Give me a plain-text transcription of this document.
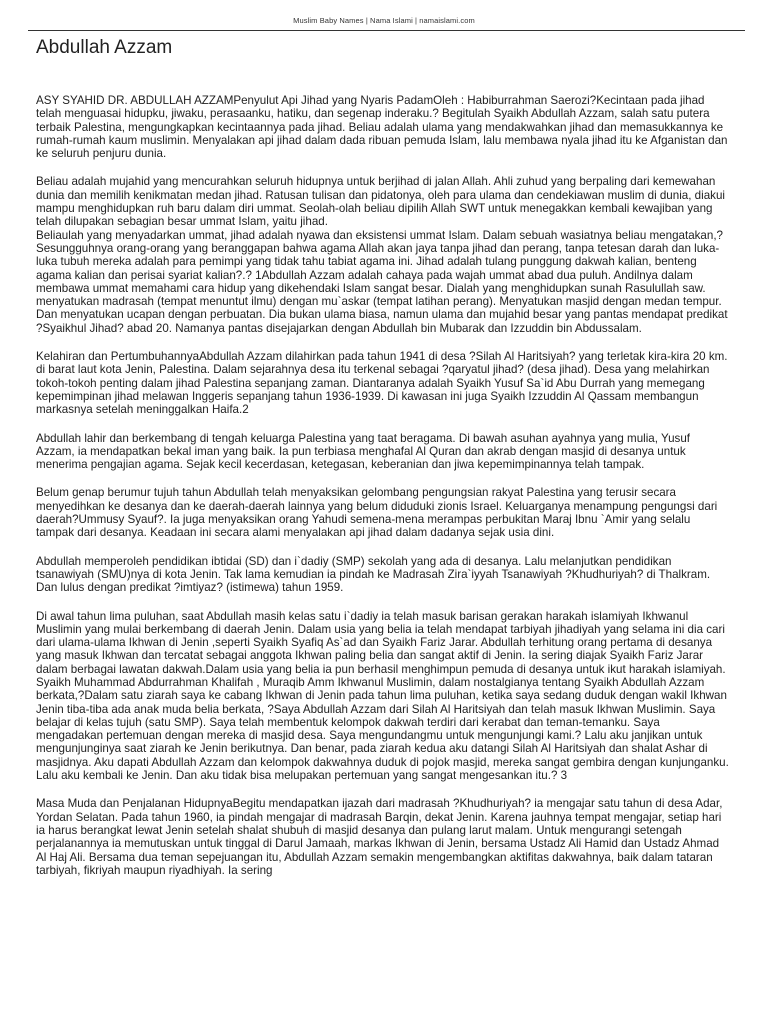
Muslim Baby Names | Nama Islami | namaislami.com
Abdullah Azzam

ASY SYAHID DR. ABDULLAH AZZAMPenyulut Api Jihad yang Nyaris PadamOleh : Habiburrahman Saerozi?Kecintaan pada jihad telah menguasai hidupku, jiwaku, perasaanku, hatiku, dan segenap inderaku.? Begitulah Syaikh Abdullah Azzam, salah satu putera terbaik Palestina, mengungkapkan kecintaannya pada jihad. Beliau adalah ulama yang mendakwahkan jihad dan memasukkannya ke rumah-rumah kaum muslimin. Menyalakan api jihad dalam dada ribuan pemuda Islam, lalu membawa nyala jihad itu ke Afganistan dan ke seluruh penjuru dunia.

Beliau adalah mujahid yang mencurahkan seluruh hidupnya untuk berjihad di jalan Allah. Ahli zuhud yang berpaling dari kemewahan dunia dan memilih kenikmatan medan jihad. Ratusan tulisan dan pidatonya, oleh para ulama dan cendekiawan muslim di dunia, diakui mampu menghidupkan ruh baru dalam diri ummat. Seolah-olah beliau dipilih Allah SWT untuk menegakkan kembali kewajiban yang telah dilupakan sebagian besar ummat Islam, yaitu jihad.
Beliaulah yang menyadarkan ummat, jihad adalah nyawa dan eksistensi ummat Islam. Dalam sebuah wasiatnya beliau mengatakan,?Sesungguhnya orang-orang yang beranggapan bahwa agama Allah akan jaya tanpa jihad dan perang, tanpa tetesan darah dan luka-luka tubuh mereka adalah para pemimpi yang tidak tahu tabiat agama ini. Jihad adalah tulang punggung dakwah kalian, benteng agama kalian dan perisai syariat kalian?.? 1Abdullah Azzam adalah cahaya pada wajah ummat abad dua puluh. Andilnya dalam membawa ummat memahami cara hidup yang dikehendaki Islam sangat besar. Dialah yang menghidupkan sunah Rasulullah saw. menyatukan madrasah (tempat menuntut ilmu) dengan mu`askar (tempat latihan perang). Menyatukan masjid dengan medan tempur. Dan menyatukan ucapan dengan perbuatan. Dia bukan ulama biasa, namun ulama dan mujahid besar yang pantas mendapat predikat ?Syaikhul Jihad? abad 20. Namanya pantas disejajarkan dengan Abdullah bin Mubarak dan Izzuddin bin Abdussalam.

Kelahiran dan PertumbuhannyaAbdullah Azzam dilahirkan pada tahun 1941 di desa ?Silah Al Haritsiyah? yang terletak kira-kira 20 km. di barat laut kota Jenin, Palestina. Dalam sejarahnya desa itu terkenal sebagai ?qaryatul jihad? (desa jihad). Desa yang melahirkan tokoh-tokoh penting dalam jihad Palestina sepanjang zaman. Diantaranya adalah Syaikh Yusuf Sa`id Abu Durrah yang memegang kepemimpinan jihad melawan Inggeris sepanjang tahun 1936-1939. Di kawasan ini juga Syaikh Izzuddin Al Qassam membangun markasnya setelah meninggalkan Haifa.2

Abdullah lahir dan berkembang di tengah keluarga Palestina yang taat beragama. Di bawah asuhan ayahnya yang mulia, Yusuf Azzam, ia mendapatkan bekal iman yang baik. Ia pun terbiasa menghafal Al Quran dan akrab dengan masjid di desanya untuk menerima pengajian agama. Sejak kecil kecerdasan, ketegasan, keberanian dan jiwa kepemimpinannya telah tampak.

Belum genap berumur tujuh tahun Abdullah telah menyaksikan gelombang pengungsian rakyat Palestina yang terusir secara menyedihkan ke desanya dan ke daerah-daerah lainnya yang belum diduduki zionis Israel. Keluarganya menampung pengungsi dari daerah?Ummusy Syauf?. Ia juga menyaksikan orang Yahudi semena-mena merampas perbukitan Maraj Ibnu `Amir yang selalu tampak dari desanya. Keadaan ini secara alami menyalakan api jihad dalam dadanya sejak usia dini.

Abdullah memperoleh pendidikan ibtidai (SD) dan i`dadiy (SMP) sekolah yang ada di desanya. Lalu melanjutkan pendidikan tsanawiyah (SMU)nya di kota Jenin. Tak lama kemudian ia pindah ke Madrasah Zira`iyyah Tsanawiyah ?Khudhuriyah? di Thalkram. Dan lulus dengan predikat ?imtiyaz? (istimewa) tahun 1959.

Di awal tahun lima puluhan, saat Abdullah masih kelas satu i`dadiy ia telah masuk barisan gerakan harakah islamiyah Ikhwanul Muslimin yang mulai berkembang di daerah Jenin. Dalam usia yang belia ia telah mendapat tarbiyah jihadiyah yang selama ini dia cari dari ulama-ulama Ikhwan di Jenin ,seperti Syaikh Syafiq As`ad dan Syaikh Fariz Jarar. Abdullah terhitung orang pertama di desanya yang masuk Ikhwan dan tercatat sebagai anggota Ikhwan paling belia dan sangat aktif di Jenin. Ia sering diajak Syaikh Fariz Jarar dalam berbagai lawatan dakwah.Dalam usia yang belia ia pun berhasil menghimpun pemuda di desanya untuk ikut harakah islamiyah. Syaikh Muhammad Abdurrahman Khalifah , Muraqib Amm Ikhwanul Muslimin, dalam nostalgianya tentang Syaikh Abdullah Azzam berkata,?Dalam satu ziarah saya ke cabang Ikhwan di Jenin pada tahun lima puluhan, ketika saya sedang duduk dengan wakil Ikhwan Jenin tiba-tiba ada anak muda belia berkata, ?Saya Abdullah Azzam dari Silah Al Haritsiyah dan telah masuk Ikhwan Muslimin. Saya belajar di kelas tujuh (satu SMP). Saya telah membentuk kelompok dakwah terdiri dari kerabat dan teman-temanku. Saya mengadakan pertemuan dengan mereka di masjid desa. Saya mengundangmu untuk mengunjungi kami.? Lalu aku janjikan untuk mengunjunginya saat ziarah ke Jenin berikutnya. Dan benar, pada ziarah kedua aku datangi Silah Al Haritsiyah dan shalat Ashar di masjidnya. Aku dapati Abdullah Azzam dan kelompok dakwahnya duduk di pojok masjid, mereka sangat gembira dengan kunjunganku. Lalu aku kembali ke Jenin. Dan aku tidak bisa melupakan pertemuan yang sangat mengesankan itu.? 3

Masa Muda dan Penjalanan HidupnyaBegitu mendapatkan ijazah dari madrasah ?Khudhuriyah? ia mengajar satu tahun di desa Adar, Yordan Selatan. Pada tahun 1960, ia pindah mengajar di madrasah Barqin, dekat Jenin. Karena jauhnya tempat mengajar, setiap hari ia harus berangkat lewat Jenin setelah shalat shubuh di masjid desanya dan pulang larut malam. Untuk mengurangi setengah perjalanannya ia memutuskan untuk tinggal di Darul Jamaah, markas Ikhwan di Jenin, bersama Ustadz Ali Hamid dan Ustadz Ahmad Al Haj Ali. Bersama dua teman sepejuangan itu, Abdullah Azzam semakin mengembangkan aktifitas dakwahnya, baik dalam tataran tarbiyah, fikriyah maupun riyadhiyah. Ia sering
